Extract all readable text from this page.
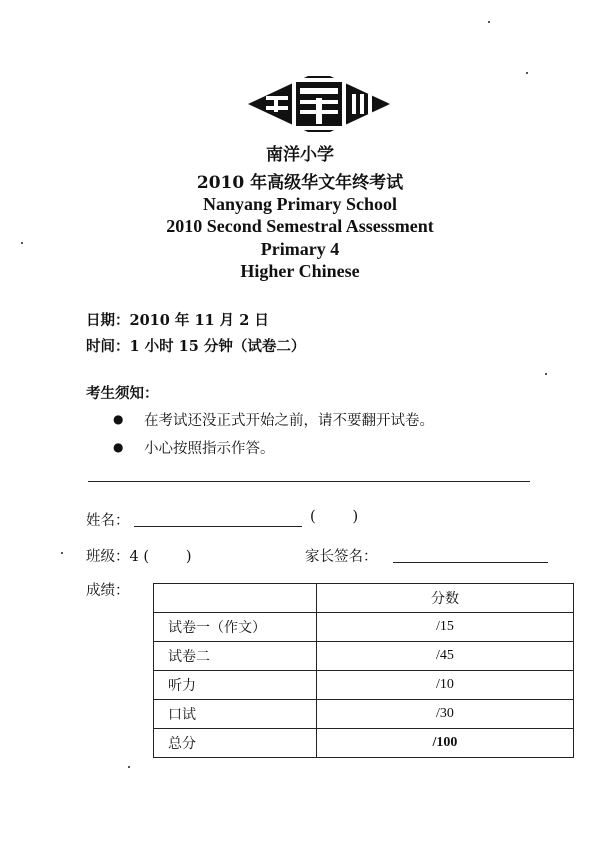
南洋小学
2010 年高级华文年终考试
Nanyang Primary School
2010 Second Semestral Assessment
Primary 4
Higher Chinese
日期：2010 年 11 月 2 日
时间：1 小时 15 分钟（试卷二）
考生须知：
● 在考试还没正式开始之前，请不要翻开试卷。
● 小心按照指示作答。
姓名：	(        )
班级：4 (        )	家长签名：
成绩：
		分数
试卷一（作文）	/15
试卷二	/45
听力	/10
口试	/30
总分	/100
